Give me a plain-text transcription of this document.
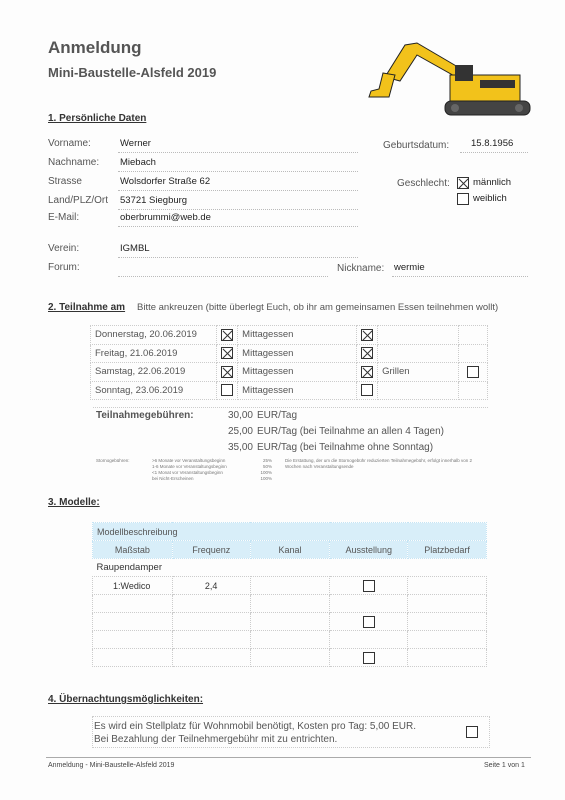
Anmeldung
Mini-Baustelle-Alsfeld 2019
1. Persönliche Daten
Vorname:	Werner
Nachname: Miebach
Strasse	Wolsdorfer Straße 62
Land/PLZ/Ort 53721 Siegburg
E-Mail:	oberbrummi@web.de
Verein:	IGMBL
Forum:	Nickname: wermie
Geburtsdatum: 15.8.1956
Geschlecht: männlich
weiblich
2. Teilnahme am Bitte ankreuzen (bitte überlegt Euch, ob ihr am gemeinsamen Essen teilnehmen wollt)
Donnerstag, 20.06.2019		Mittagessen	

Freitag, 21.06.2019		Mittagessen	

Samstag, 22.06.2019		Mittagessen		Grillen	

Sonntag, 23.06.2019		Mittagessen	

Teilnahmegebühren:	30,00 EUR/Tag
25,00 EUR/Tag (bei Teilnahme an allen 4 Tagen)
35,00 EUR/Tag (bei Teilnahme ohne Sonntag)
Stornogebühren:	>6 Monate vor Veranstaltungsbeginn	25%
1-6 Monate vor Veranstaltungsbeginn	50%
<1 Monat vor Veranstaltungsbeginn	100%
bei Nicht-Erscheinen	100%
Die Erstattung, der um die Stornogebühr reduzierten Teilnahmegebühr, erfolgt innerhalb von 2 Wochen nach Veranstaltungsende
3. Modelle:
Modellbeschreibung				
Maßstab	Frequenz	Kanal	Ausstellung	Platzbedarf
Raupendamper				
1:Wedico	2,4		

4. Übernachtungsmöglichkeiten:
Es wird ein Stellplatz für Wohnmobil benötigt, Kosten pro Tag: 5,00 EUR.
Bei Bezahlung der Teilnehmergebühr mit zu entrichten.
Anmeldung - Mini-Baustelle-Alsfeld 2019	Seite 1 von 1
